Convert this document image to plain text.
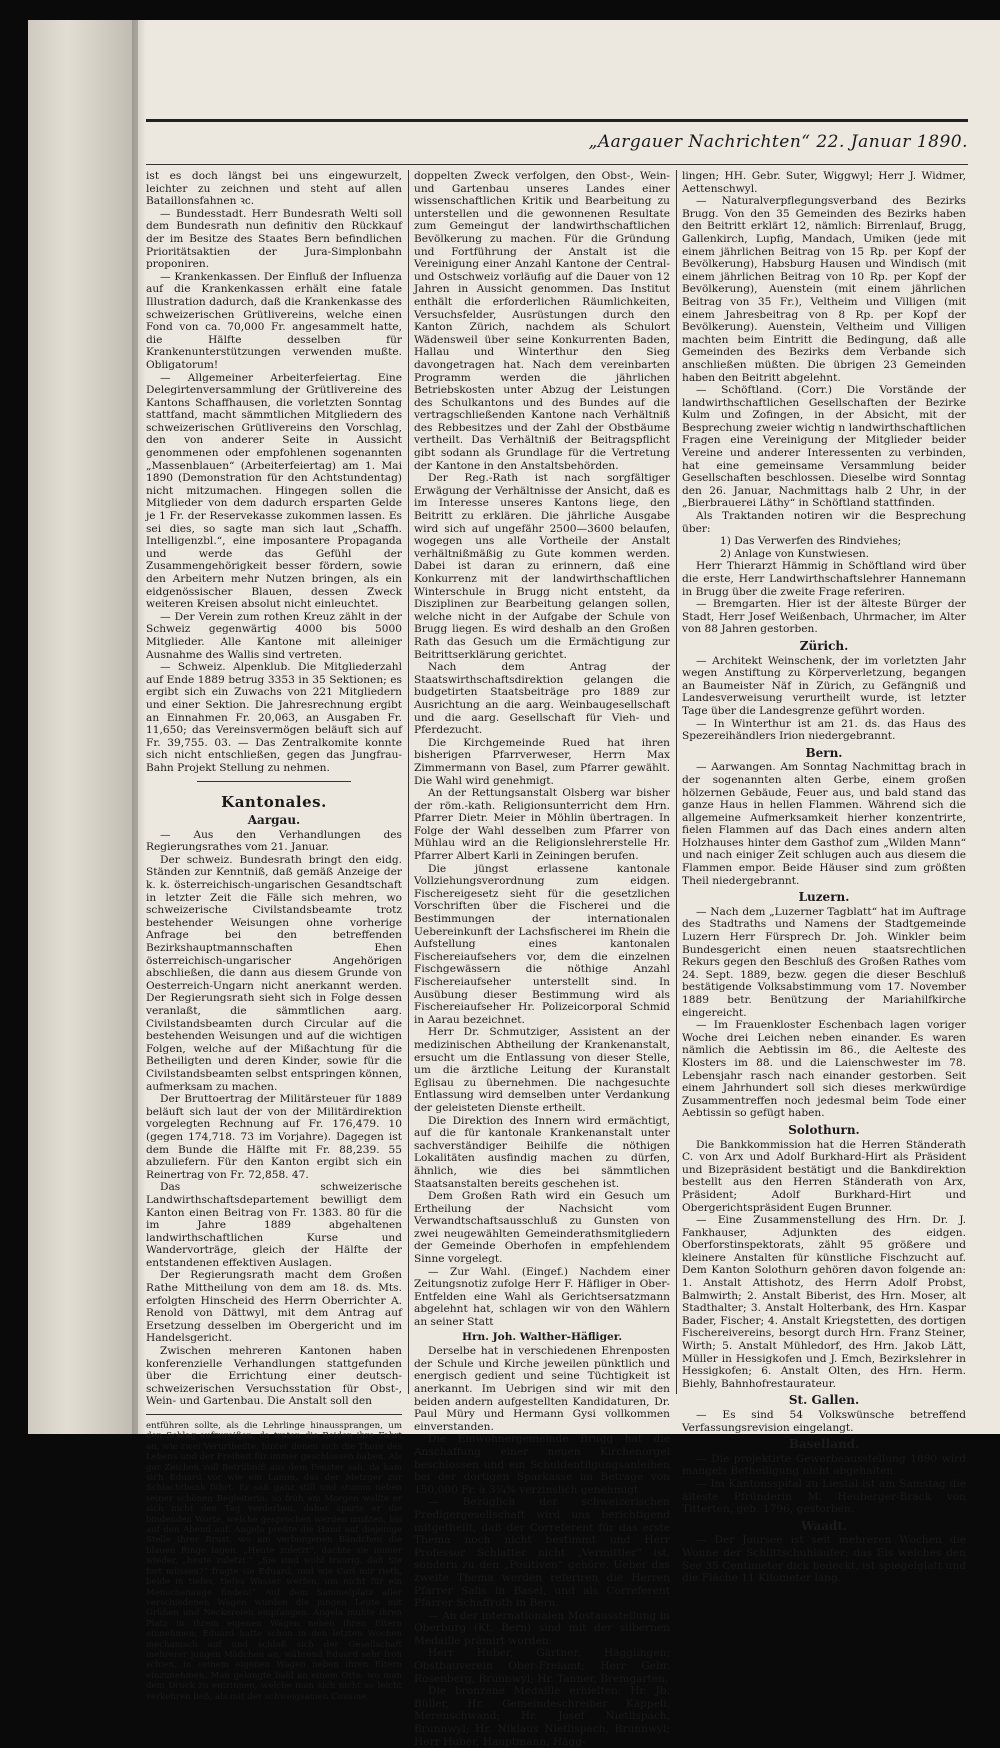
„Aargauer Nachrichten“ 22. Januar 1890.

ist es doch längst bei uns eingewurzelt, leichter zu zeichnen und steht auf allen Bataillonsfahnen ꝛc.

— Bundesstadt. Herr Bundesrath Welti soll dem Bundesrath nun definitiv den Rückkauf der im Besitze des Staates Bern befindlichen Prioritätsaktien der Jura-Simplonbahn proponiren.

— Krankenkassen. Der Einfluß der Influenza auf die Krankenkassen erhält eine fatale Illustration dadurch, daß die Krankenkasse des schweizerischen Grütlivereins, welche einen Fond von ca. 70,000 Fr. angesammelt hatte, die Hälfte desselben für Krankenunterstützungen verwenden mußte. Obligatorum!

— Allgemeiner Arbeiterfeiertag. Eine Delegirtenversammlung der Grütlivereine des Kantons Schaffhausen, die vorletzten Sonntag stattfand, macht sämmtlichen Mitgliedern des schweizerischen Grütlivereins den Vorschlag, den von anderer Seite in Aussicht genommenen oder empfohlenen sogenannten „Massenblauen“ (Arbeiterfeiertag) am 1. Mai 1890 (Demonstration für den Achtstundentag) nicht mitzumachen. Hingegen sollen die Mitglieder von dem dadurch ersparten Gelde je 1 Fr. der Reservekasse zukommen lassen. Es sei dies, so sagte man sich laut „Schaffh. Intelligenzbl.“, eine imposantere Propaganda und werde das Gefühl der Zusammengehörigkeit besser fördern, sowie den Arbeitern mehr Nutzen bringen, als ein eidgenössischer Blauen, dessen Zweck weiteren Kreisen absolut nicht einleuchtet.

— Der Verein zum rothen Kreuz zählt in der Schweiz gegenwärtig 4000 bis 5000 Mitglieder. Alle Kantone mit alleiniger Ausnahme des Wallis sind vertreten.

— Schweiz. Alpenklub. Die Mitgliederzahl auf Ende 1889 betrug 3353 in 35 Sektionen; es ergibt sich ein Zuwachs von 221 Mitgliedern und einer Sektion. Die Jahresrechnung ergibt an Einnahmen Fr. 20,063, an Ausgaben Fr. 11,650; das Vereinsvermögen beläuft sich auf Fr. 39,755. 03. — Das Zentralkomite konnte sich nicht entschließen, gegen das Jungfrau-Bahn Projekt Stellung zu nehmen.

Kantonales.
Aargau.

— Aus den Verhandlungen des Regierungsrathes vom 21. Januar.

Der schweiz. Bundesrath bringt den eidg. Ständen zur Kenntniß, daß gemäß Anzeige der k. k. österreichisch-ungarischen Gesandtschaft in letzter Zeit die Fälle sich mehren, wo schweizerische Civilstandsbeamte trotz bestehender Weisungen ohne vorherige Anfrage bei den betreffenden Bezirkshauptmannschaften Ehen österreichisch-ungarischer Angehörigen abschließen, die dann aus diesem Grunde von Oesterreich-Ungarn nicht anerkannt werden. Der Regierungsrath sieht sich in Folge dessen veranlaßt, die sämmtlichen aarg. Civilstandsbeamten durch Circular auf die bestehenden Weisungen und auf die wichtigen Folgen, welche auf der Mißachtung für die Betheiligten und deren Kinder, sowie für die Civilstandsbeamten selbst entspringen können, aufmerksam zu machen.

Der Bruttoertrag der Militärsteuer für 1889 beläuft sich laut der von der Militärdirektion vorgelegten Rechnung auf Fr. 176,479. 10 (gegen 174,718. 73 im Vorjahre). Dagegen ist dem Bunde die Hälfte mit Fr. 88,239. 55 abzuliefern. Für den Kanton ergibt sich ein Reinertrag von Fr. 72,858. 47.

Das schweizerische Landwirthschaftsdepartement bewilligt dem Kanton einen Beitrag von Fr. 1383. 80 für die im Jahre 1889 abgehaltenen landwirthschaftlichen Kurse und Wandervorträge, gleich der Hälfte der entstandenen effektiven Auslagen.

Der Regierungsrath macht dem Großen Rathe Mittheilung von dem am 18. ds. Mts. erfolgten Hinscheid des Herrn Oberrichter A. Renold von Dättwyl, mit dem Antrag auf Ersetzung desselben im Obergericht und im Handelsgericht.

Zwischen mehreren Kantonen haben konferenzielle Verhandlungen stattgefunden über die Errichtung einer deutsch-schweizerischen Versuchsstation für Obst-, Wein- und Gartenbau. Die Anstalt soll den

entführen sollte, als die Lehrlinge hinaussprangen, um den Schlag aufzureißen, da traten die Beiden ihre Fahrt an, wie zwei Verurtheilte, hinter denen sich die Thore des Lebens und der Freiheit für immer geschlossen haben. Als gar Zeichen voll Betrübniß aus dem Fenster sah, da kam sich Eduard vor wie ein Lamm, das der Metzger zur Schlachtbank führt. Er saß ganz still und stumm neben seiner schönen Begleiterin; so früh am Morgen wollte er sich nicht den Tag verderben, daher sparte er die bindenden Worte, welche gesprochen werden mußten, bis auf den Abend auf. Angela preßte die Hand auf diejenige Stelle ihrer Brust, wo am verborgenen Bändchen die blauen Ringe lagen. „Heute zuletzt“, dachte sie immer wieder, „heute zuletzt.“ „Sie sind wohl traurig, daß Sie fort müssen?“ fragte sie Eduard, und wie Carl mir rieth, beide in tiefes, tiefes Wasser werfen, um nicht für ein Menschenauge finden!“ Auf dem Sammelplatz aller verschiedenen Wagen wurden die jungen Leute mit Grüßen und Neckereien empfangen. Angela mußte ihren Platz in ihrem eigenen Wagen neben ihren Eltern einnehmen; Eduard hatte schon in den letzten Wochen mechanisch auf und schloß sich der Gesellschaft mehrerer jungen Mädchen an, während Eduard sehr froh schien, in seinem eigenen Wagen neben ihren Eltern einzunehmen. Man gelangte bald an einem Orte, wo man dem Druck zu entrinnen, welche man sich nicht so leicht verkehren ließ, als mit der schweigsamen Cousine.

doppelten Zweck verfolgen, den Obst-, Wein- und Gartenbau unseres Landes einer wissenschaftlichen Kritik und Bearbeitung zu unterstellen und die gewonnenen Resultate zum Gemeingut der landwirthschaftlichen Bevölkerung zu machen. Für die Gründung und Fortführung der Anstalt ist die Vereinigung einer Anzahl Kantone der Central- und Ostschweiz vorläufig auf die Dauer von 12 Jahren in Aussicht genommen. Das Institut enthält die erforderlichen Räumlichkeiten, Versuchsfelder, Ausrüstungen durch den Kanton Zürich, nachdem als Schulort Wädensweil über seine Konkurrenten Baden, Hallau und Winterthur den Sieg davongetragen hat. Nach dem vereinbarten Programm werden die jährlichen Betriebskosten unter Abzug der Leistungen des Schulkantons und des Bundes auf die vertragschließenden Kantone nach Verhältniß des Rebbesitzes und der Zahl der Obstbäume vertheilt. Das Verhältniß der Beitragspflicht gibt sodann als Grundlage für die Vertretung der Kantone in den Anstaltsbehörden.

Der Reg.-Rath ist nach sorgfältiger Erwägung der Verhältnisse der Ansicht, daß es im Interesse unseres Kantons liege, den Beitritt zu erklären. Die jährliche Ausgabe wird sich auf ungefähr 2500—3600 belaufen, wogegen uns alle Vortheile der Anstalt verhältnißmäßig zu Gute kommen werden. Dabei ist daran zu erinnern, daß eine Konkurrenz mit der landwirthschaftlichen Winterschule in Brugg nicht entsteht, da Disziplinen zur Bearbeitung gelangen sollen, welche nicht in der Aufgabe der Schule von Brugg liegen. Es wird deshalb an den Großen Rath das Gesuch um die Ermächtigung zur Beitrittserklärung gerichtet.

Nach dem Antrag der Staatswirthschaftsdirektion gelangen die budgetirten Staatsbeiträge pro 1889 zur Ausrichtung an die aarg. Weinbaugesellschaft und die aarg. Gesellschaft für Vieh- und Pferdezucht.

Die Kirchgemeinde Rued hat ihren bisherigen Pfarrverweser, Herrn Max Zimmermann von Basel, zum Pfarrer gewählt. Die Wahl wird genehmigt.

An der Rettungsanstalt Olsberg war bisher der röm.-kath. Religionsunterricht dem Hrn. Pfarrer Dietr. Meier in Möhlin übertragen. In Folge der Wahl desselben zum Pfarrer von Mühlau wird an die Religionslehrerstelle Hr. Pfarrer Albert Karli in Zeiningen berufen.

Die jüngst erlassene kantonale Vollziehungsverordnung zum eidgen. Fischereigesetz sieht für die gesetzlichen Vorschriften über die Fischerei und die Bestimmungen der internationalen Uebereinkunft der Lachsfischerei im Rhein die Aufstellung eines kantonalen Fischereiaufsehers vor, dem die einzelnen Fischgewässern die nöthige Anzahl Fischereiaufseher unterstellt sind. In Ausübung dieser Bestimmung wird als Fischereiaufseher Hr. Polizeicorporal Schmid in Aarau bezeichnet.

Herr Dr. Schmutziger, Assistent an der medizinischen Abtheilung der Krankenanstalt, ersucht um die Entlassung von dieser Stelle, um die ärztliche Leitung der Kuranstalt Eglisau zu übernehmen. Die nachgesuchte Entlassung wird demselben unter Verdankung der geleisteten Dienste ertheilt.

Die Direktion des Innern wird ermächtigt, auf die für kantonale Krankenanstalt unter sachverständiger Beihilfe die nöthigen Lokalitäten ausfindig machen zu dürfen, ähnlich, wie dies bei sämmtlichen Staatsanstalten bereits geschehen ist.

Dem Großen Rath wird ein Gesuch um Ertheilung der Nachsicht vom Verwandtschaftsausschluß zu Gunsten von zwei neugewählten Gemeinderathsmitgliedern der Gemeinde Oberhofen in empfehlendem Sinne vorgelegt.

— Zur Wahl. (Eingef.) Nachdem einer Zeitungsnotiz zufolge Herr F. Häfliger in Ober-Entfelden eine Wahl als Gerichtsersatzmann abgelehnt hat, schlagen wir von den Wählern an seiner Statt

Hrn. Joh. Walther-Häfliger.

Derselbe hat in verschiedenen Ehrenposten der Schule und Kirche jeweilen pünktlich und energisch gedient und seine Tüchtigkeit ist anerkannt. Im Uebrigen sind wir mit den beiden andern aufgestellten Kandidaturen, Dr. Paul Müry und Hermann Gysi vollkommen einverstanden.

Die Einwohnergemeinde Brugg hat die Anschaffung einer neuen Kirchenorgel beschlossen und ein Schuldentilgungsanleihen bei der dortigen Sparkasse im Betrage von 150,000 Fr. à 3¾% verzinslich genehmigt.

— Bezüglich der schweizerischen Predigergesellschaft wird uns berichtigend mitgetheilt, daß der Correferent für das erste Thema noch nicht bestimmt und Herr Professor Schlatter nicht „Vermittler“ ist, sondern zu den „Positiven“ gehöre. Ueber das zweite Thema werden referiren die Herren Pfarrer Salis in Basel, und als Correferent Pfarrer Schaffroth in Bern.

— An der internationalen Mostausstellung in Oberburg (Kt. Bern) sind mit der silbernen Medaille prämirt worden:

Herr Huber, Gärtner, Hägglingen; Obstbauverein Ober-Freiamt; Herr Gebr. Rosenberg, Brunnwyl; Hr. Tanner, Bremgarten.

Die bronzene Medaille erhielten: Hr. Jb. Büller, Hr. Gemeindeschreiber Käppeli, Merenschwand; Hr. Josef Nietlispach, Brunnwyl; Hr. Niklaus Nietlispach, Brunnwyl; Herr Huber, Hauptmann, Hägg-

lingen; HH. Gebr. Suter, Wiggwyl; Herr J. Widmer, Aettenschwyl.

— Naturalverpflegungsverband des Bezirks Brugg. Von den 35 Gemeinden des Bezirks haben den Beitritt erklärt 12, nämlich: Birrenlauf, Brugg, Gallenkirch, Lupfig, Mandach, Umiken (jede mit einem jährlichen Beitrag von 15 Rp. per Kopf der Bevölkerung), Habsburg Hausen und Windisch (mit einem jährlichen Beitrag von 10 Rp. per Kopf der Bevölkerung), Auenstein (mit einem jährlichen Beitrag von 35 Fr.), Veltheim und Villigen (mit einem Jahresbeitrag von 8 Rp. per Kopf der Bevölkerung). Auenstein, Veltheim und Villigen machten beim Eintritt die Bedingung, daß alle Gemeinden des Bezirks dem Verbande sich anschließen müßten. Die übrigen 23 Gemeinden haben den Beitritt abgelehnt.

— Schöftland. (Corr.) Die Vorstände der landwirthschaftlichen Gesellschaften der Bezirke Kulm und Zofingen, in der Absicht, mit der Besprechung zweier wichtig n landwirthschaftlichen Fragen eine Vereinigung der Mitglieder beider Vereine und anderer Interessenten zu verbinden, hat eine gemeinsame Versammlung beider Gesellschaften beschlossen. Dieselbe wird Sonntag den 26. Januar, Nachmittags halb 2 Uhr, in der „Bierbrauerei Läthy“ in Schöftland stattfinden.

Als Traktanden notiren wir die Besprechung über:

1) Das Verwerfen des Rindviehes;

2) Anlage von Kunstwiesen.

Herr Thierarzt Hämmig in Schöftland wird über die erste, Herr Landwirthschaftslehrer Hannemann in Brugg über die zweite Frage referiren.

— Bremgarten. Hier ist der älteste Bürger der Stadt, Herr Josef Weißenbach, Uhrmacher, im Alter von 88 Jahren gestorben.

Zürich.

— Architekt Weinschenk, der im vorletzten Jahr wegen Anstiftung zu Körperverletzung, begangen an Baumeister Näf in Zürich, zu Gefängniß und Landesverweisung verurtheilt wurde, ist letzter Tage über die Landesgrenze geführt worden.

— In Winterthur ist am 21. ds. das Haus des Spezereihändlers Irion niedergebrannt.

Bern.

— Aarwangen. Am Sonntag Nachmittag brach in der sogenannten alten Gerbe, einem großen hölzernen Gebäude, Feuer aus, und bald stand das ganze Haus in hellen Flammen. Während sich die allgemeine Aufmerksamkeit hierher konzentrirte, fielen Flammen auf das Dach eines andern alten Holzhauses hinter dem Gasthof zum „Wilden Mann“ und nach einiger Zeit schlugen auch aus diesem die Flammen empor. Beide Häuser sind zum größten Theil niedergebrannt.

Luzern.

— Nach dem „Luzerner Tagblatt“ hat im Auftrage des Stadtraths und Namens der Stadtgemeinde Luzern Herr Fürsprech Dr. Joh. Winkler beim Bundesgericht einen neuen staatsrechtlichen Rekurs gegen den Beschluß des Großen Rathes vom 24. Sept. 1889, bezw. gegen die dieser Beschluß bestätigende Volksabstimmung vom 17. November 1889 betr. Benützung der Mariahilfkirche eingereicht.

— Im Frauenkloster Eschenbach lagen voriger Woche drei Leichen neben einander. Es waren nämlich die Aebtissin im 86., die Aelteste des Klosters im 88. und die Laienschwester im 78. Lebensjahr rasch nach einander gestorben. Seit einem Jahrhundert soll sich dieses merkwürdige Zusammentreffen noch jedesmal beim Tode einer Aebtissin so gefügt haben.

Solothurn.

Die Bankkommission hat die Herren Ständerath C. von Arx und Adolf Burkhard-Hirt als Präsident und Bizepräsident bestätigt und die Bankdirektion bestellt aus den Herren Ständerath von Arx, Präsident; Adolf Burkhard-Hirt und Obergerichtspräsident Eugen Brunner.

— Eine Zusammenstellung des Hrn. Dr. J. Fankhauser, Adjunkten des eidgen. Oberforstinspektorats, zählt 95 größere und kleinere Anstalten für künstliche Fischzucht auf. Dem Kanton Solothurn gehören davon folgende an: 1. Anstalt Attishotz, des Herrn Adolf Probst, Balmwirth; 2. Anstalt Biberist, des Hrn. Moser, alt Stadthalter; 3. Anstalt Holterbank, des Hrn. Kaspar Bader, Fischer; 4. Anstalt Kriegstetten, des dortigen Fischereivereins, besorgt durch Hrn. Franz Steiner, Wirth; 5. Anstalt Mühledorf, des Hrn. Jakob Lätt, Müller in Hessigkofen und J. Emch, Bezirkslehrer in Hessigkofen; 6. Anstalt Olten, des Hrn. Herm. Biehly, Bahnhofrestaurateur.

St. Gallen.

— Es sind 54 Volkswünsche betreffend Verfassungsrevision eingelangt.

Baselland.

— Die projektirte Gewerbeausstellung 1890 wird mangels Betheiligung nicht abgehalten.

— Im Kantonsspital zu Liestal ist am Samstag die älteste Pfründerin M. Heuberger-Brack von Titterten, geb. 1796, gestorben.

Waadt.

— Der Joursee ist seit mehreren Wochen die Wonne der Schlittschuhläufer; das Eis welches den See 35 Centimeter dick bedeckt, ist spiegelglatt und die Fläche 11 Kilometer lang.
